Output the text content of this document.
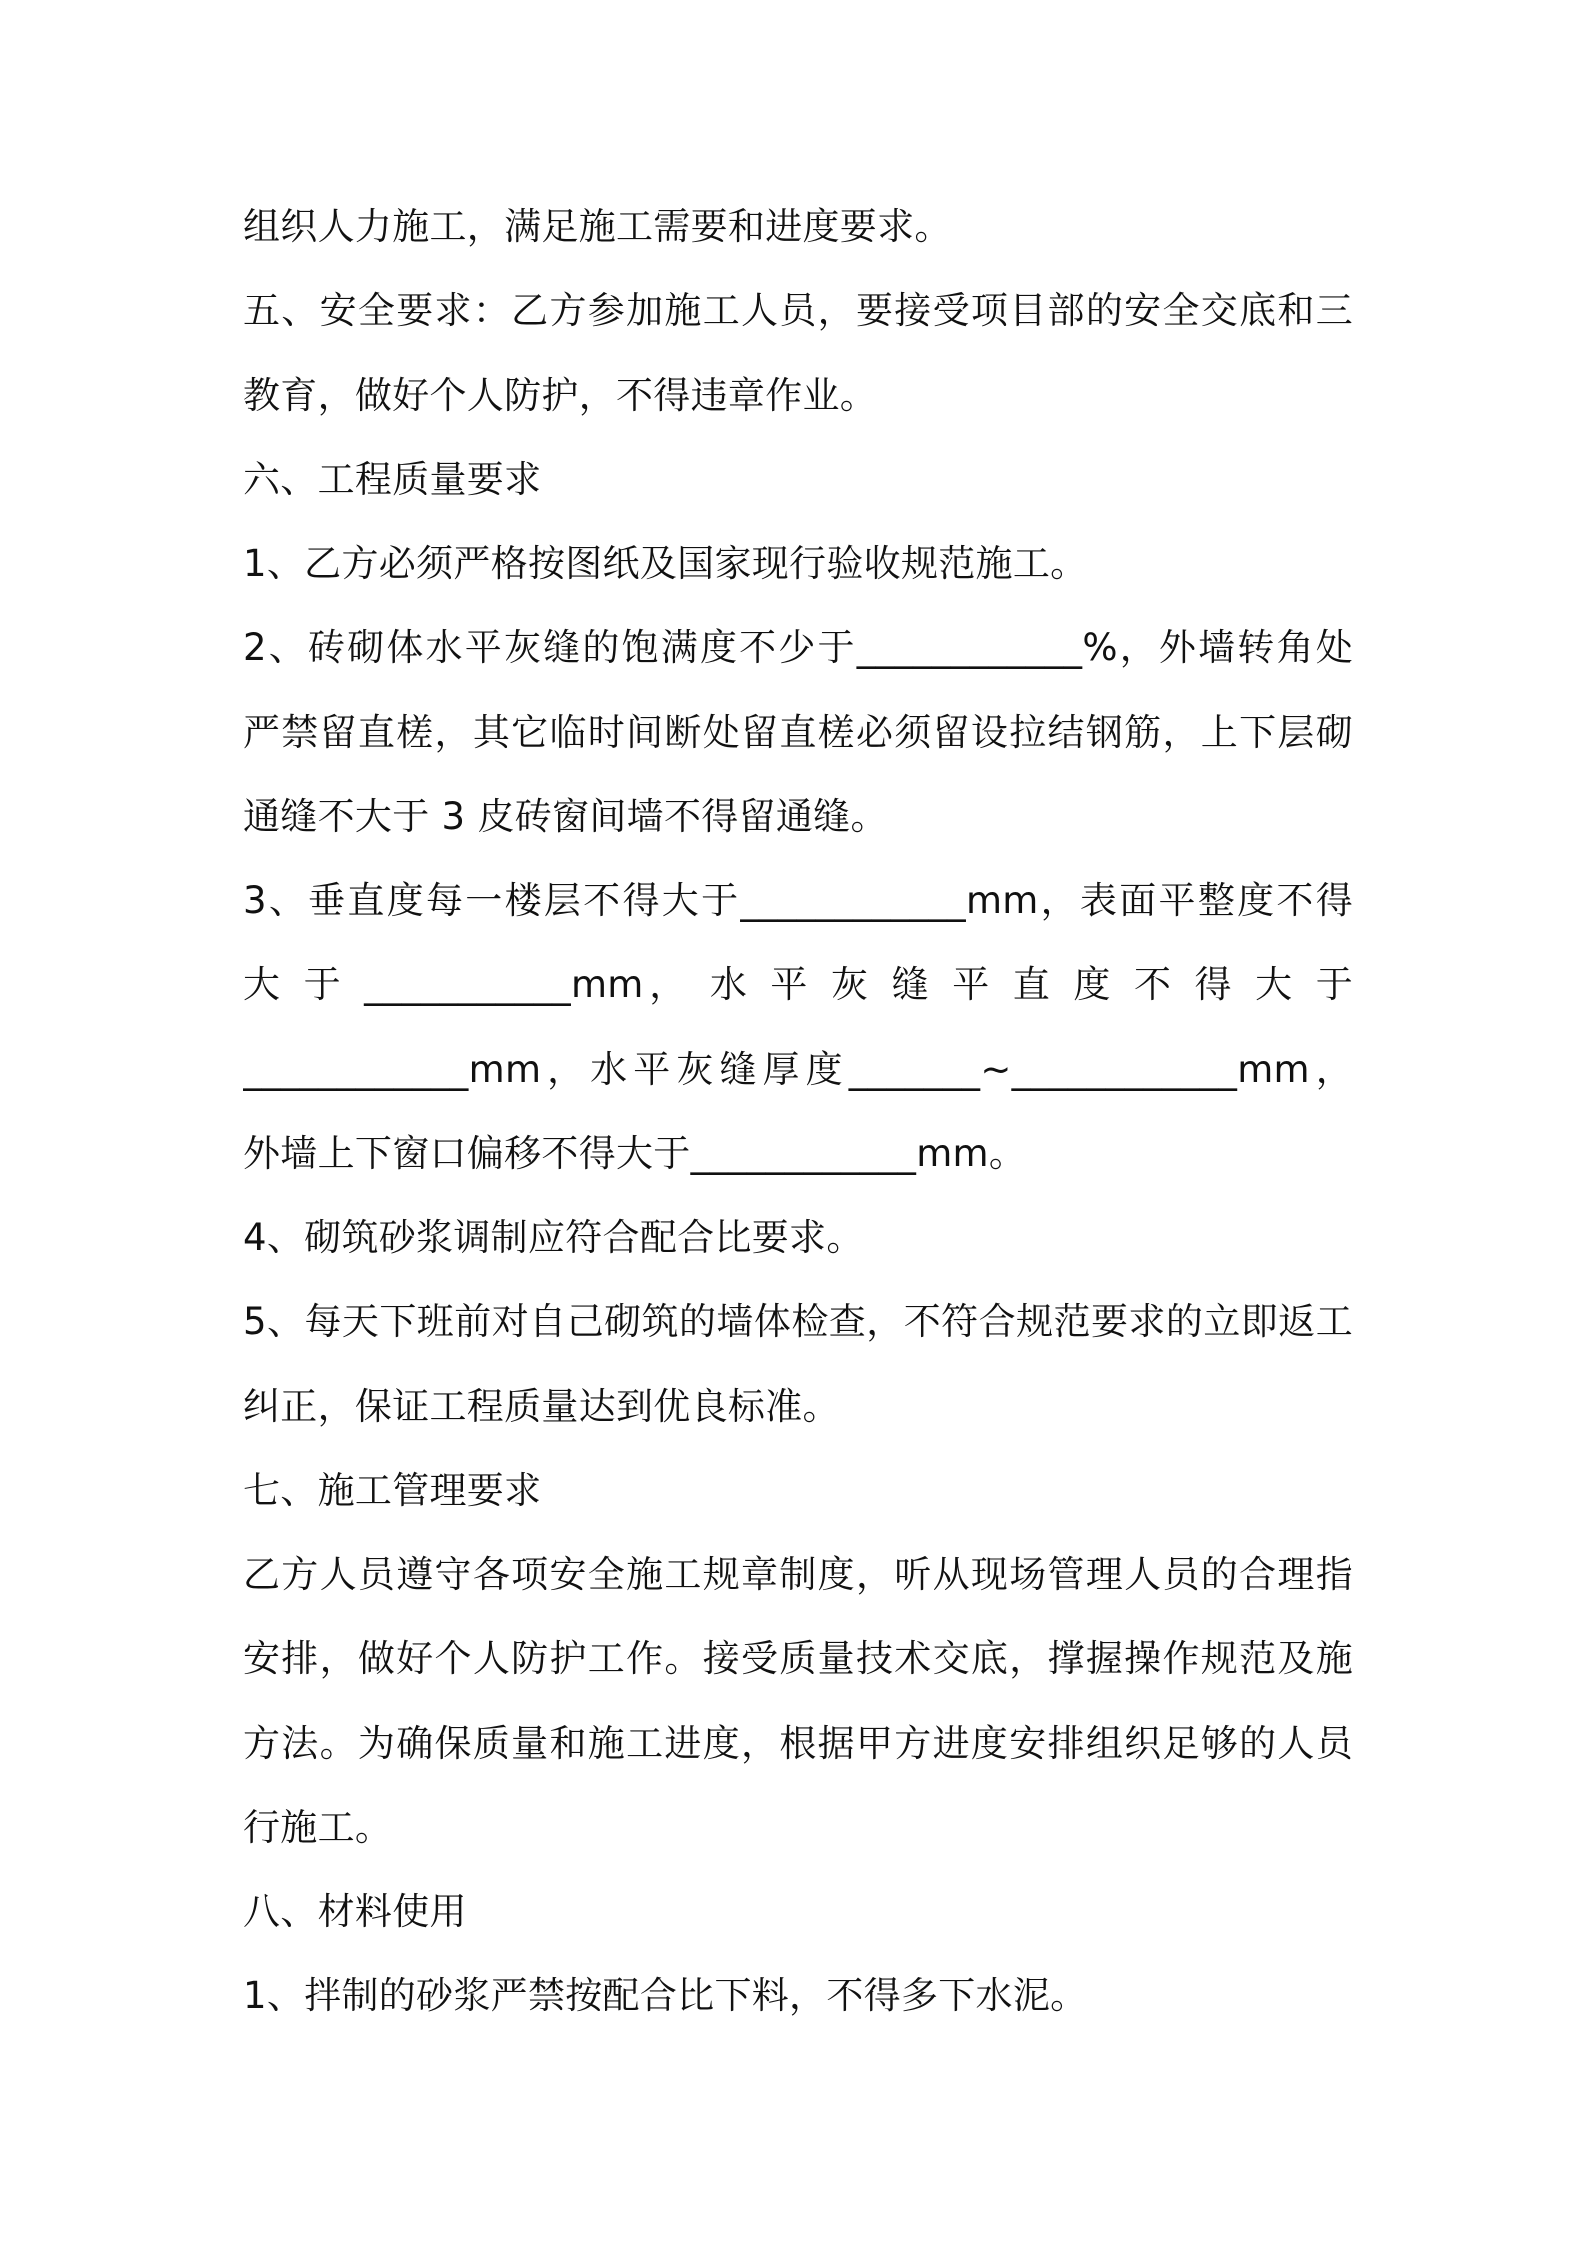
组织人力施工，满足施工需要和进度要求。
五、安全要求：乙方参加施工人员，要接受项目部的安全交底和三
教育，做好个人防护，不得违章作业。
六、工程质量要求
1、乙方必须严格按图纸及国家现行验收规范施工。
2、砖砌体水平灰缝的饱满度不少于____________%，外墙转角处
严禁留直槎，其它临时间断处留直槎必须留设拉结钢筋，上下层砌
通缝不大于 3 皮砖窗间墙不得留通缝。
3、垂直度每一楼层不得大于____________mm，表面平整度不得
大 于 ___________mm， 水 平 灰 缝 平 直 度 不 得 大 于
____________mm，水平灰缝厚度_______~____________mm，
外墙上下窗口偏移不得大于____________mm。
4、砌筑砂浆调制应符合配合比要求。
5、每天下班前对自己砌筑的墙体检查，不符合规范要求的立即返工
纠正，保证工程质量达到优良标准。
七、施工管理要求
乙方人员遵守各项安全施工规章制度，听从现场管理人员的合理指
安排，做好个人防护工作。接受质量技术交底，撑握操作规范及施
方法。为确保质量和施工进度，根据甲方进度安排组织足够的人员
行施工。
八、材料使用
1、拌制的砂浆严禁按配合比下料，不得多下水泥。
